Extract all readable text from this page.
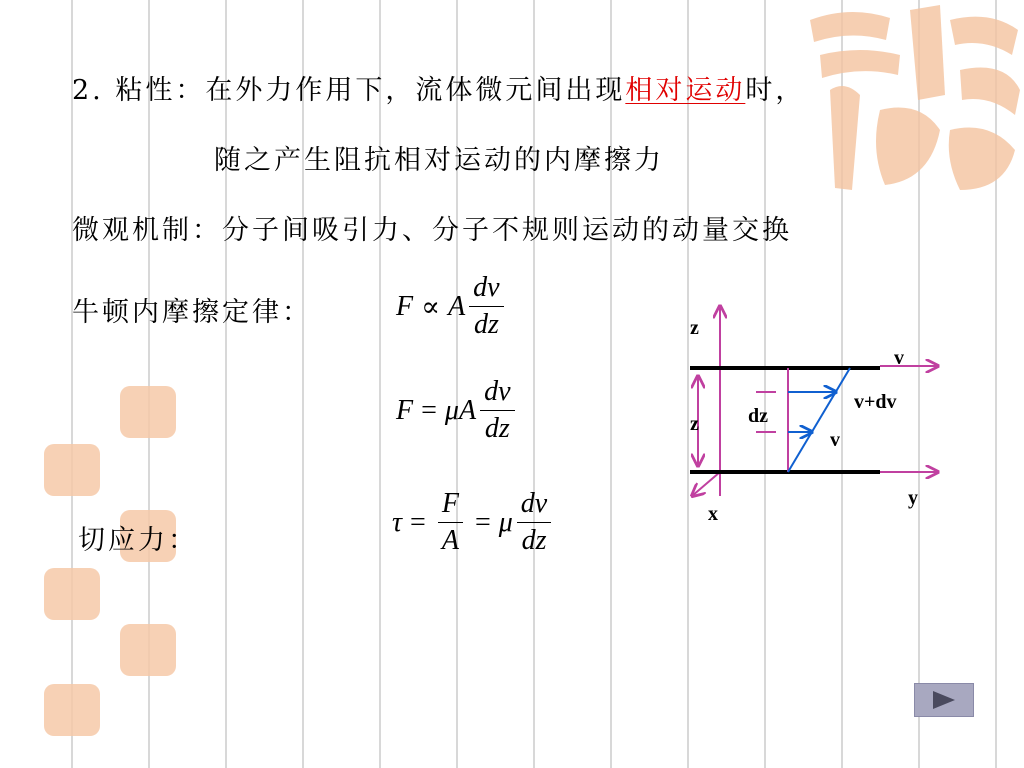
2. 粘性：在外力作用下，流体微元间出现相对运动时，
随之产生阻抗相对运动的内摩擦力
微观机制：分子间吸引力、分子不规则运动的动量交换
牛顿内摩擦定律：
切应力：
F ∝ A $\frac{dv}{dz}$
F = μA $\frac{dv}{dz}$
$\tau = \frac{F}{A} = \mu \frac{dv}{dz}$
z
z
x
y
v
v+dv
v
dz
